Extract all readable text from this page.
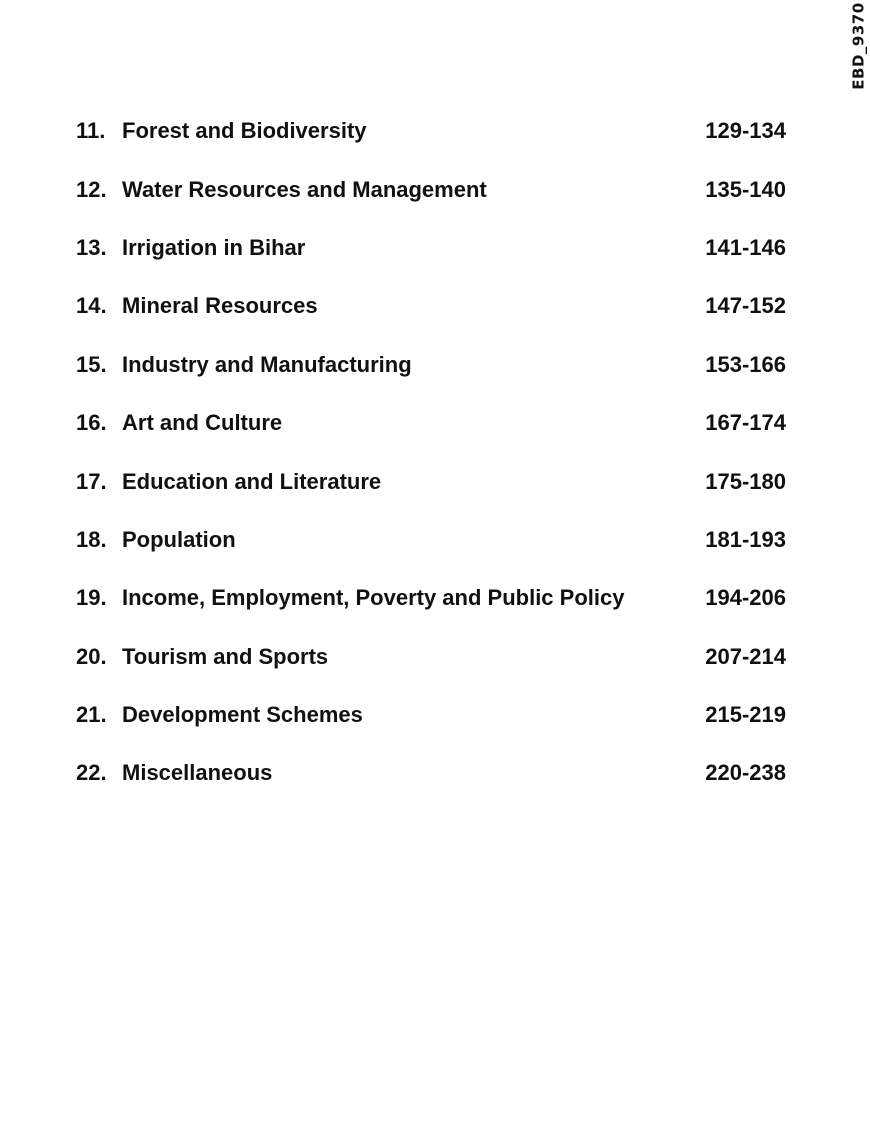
EBD_9370
11. Forest and Biodiversity	129-134
12. Water Resources and Management	135-140
13. Irrigation in Bihar	141-146
14. Mineral Resources	147-152
15. Industry and Manufacturing	153-166
16. Art and Culture	167-174
17. Education and Literature	175-180
18. Population	181-193
19. Income, Employment, Poverty and Public Policy	194-206
20. Tourism and Sports	207-214
21. Development Schemes	215-219
22. Miscellaneous	220-238
